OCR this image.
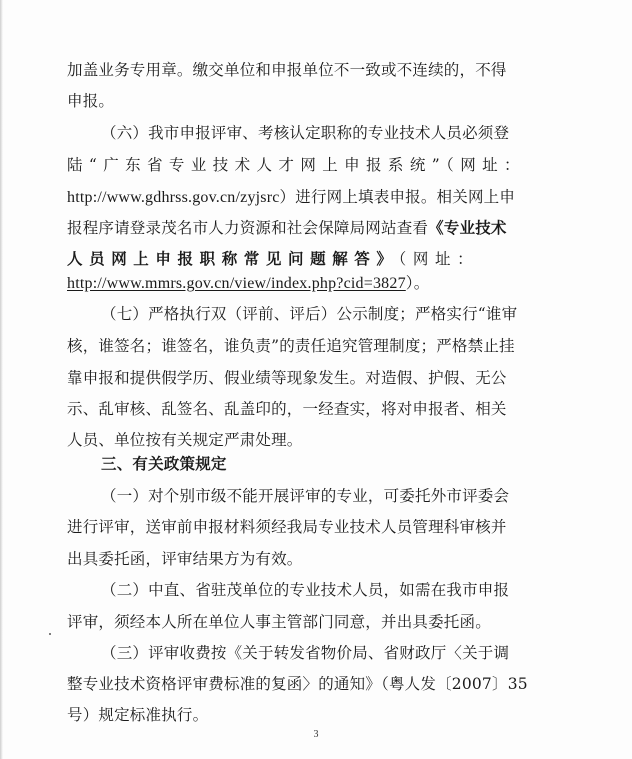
加盖业务专用章。缴交单位和申报单位不一致或不连续的，不得
申报。
（六）我市申报评审、考核认定职称的专业技术人员必须登
陆“广东省专业技术人才网上申报系统”（网址：
http://www.gdhrss.gov.cn/zyjsrc）进行网上填表申报。相关网上申
报程序请登录茂名市人力资源和社会保障局网站查看《专业技术
人员网上申报职称常见问题解答》（网址：
http://www.mmrs.gov.cn/view/index.php?cid=3827）。
（七）严格执行双（评前、评后）公示制度；严格实行“谁审
核，谁签名；谁签名，谁负责”的责任追究管理制度；严格禁止挂
靠申报和提供假学历、假业绩等现象发生。对造假、护假、无公
示、乱审核、乱签名、乱盖印的，一经查实，将对申报者、相关
人员、单位按有关规定严肃处理。
三、有关政策规定
（一）对个别市级不能开展评审的专业，可委托外市评委会
进行评审，送审前申报材料须经我局专业技术人员管理科审核并
出具委托函，评审结果方为有效。
（二）中直、省驻茂单位的专业技术人员，如需在我市申报
评审，须经本人所在单位人事主管部门同意，并出具委托函。
（三）评审收费按《关于转发省物价局、省财政厅〈关于调
整专业技术资格评审费标准的复函〉的通知》（粤人发〔2007〕35
号）规定标准执行。
3
